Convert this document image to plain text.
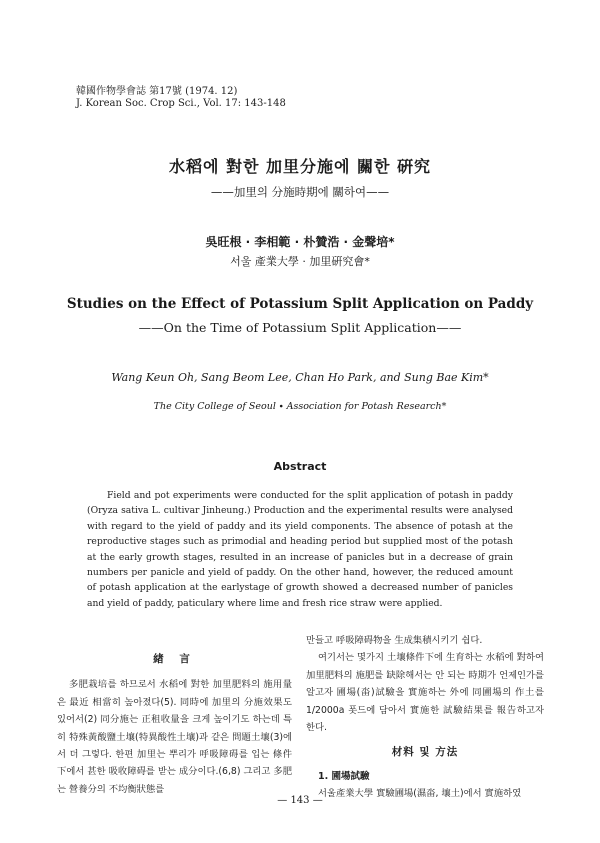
韓國作物學會誌 第17號 (1974. 12)
J. Korean Soc. Crop Sci., Vol. 17: 143-148
水稻에 對한 加里分施에 關한 硏究
——加里의 分施時期에 關하여——
吳旺根 · 李相範 · 朴贊浩 · 金聲培*
서울 產業大學 · 加里硏究會*
Studies on the Effect of Potassium Split Application on Paddy
——On the Time of Potassium Split Application——
Wang Keun Oh, Sang Beom Lee, Chan Ho Park, and Sung Bae Kim*
The City College of Seoul ∙ Association for Potash Research*
Abstract
Field and pot experiments were conducted for the split application of potash in paddy (Oryza sativa L. cultivar Jinheung.) Production and the experimental results were analysed with regard to the yield of paddy and its yield components. The absence of potash at the reproductive stages such as primodial and heading period but supplied most of the potash at the early growth stages, resulted in an increase of panicles but in a decrease of grain numbers per panicle and yield of paddy. On the other hand, however, the reduced amount of potash application at the earlystage of growth showed a decreased number of panicles and yield of paddy, paticulary where lime and fresh rice straw were applied.
緖 言
多肥栽培를 하므로서 水稻에 對한 加里肥料의 施用量은 最近 相當히 높아졌다(5). 同時에 加里의 分施效果도 있어서(2) 同分施는 正租收量을 크게 높이기도 하는데 특히 特殊黃酸鹽土壤(特異酸性土壤)과 같은 問題土壤(3)에서 더 그렇다. 한편 加里는 뿌리가 呼吸障碍를 입는 條件下에서 甚한 吸收障碍를 받는 成分이다.(6,8) 그리고 多肥는 營養分의 不均衡狀態를
만들고 呼吸障碍物을 生成集積시키기 쉽다.
여기서는 몇가지 土壤條件下에 生育하는 水稻에 對하여 加里肥料의 施肥를 缺除해서는 안 되는 時期가 언제인가를 알고자 圃場(畓)試驗을 實施하는 外에 同圃場의 作土를 1/2000a 폿드에 담아서 實施한 試驗結果를 報告하고자 한다.
材料 및 方法
1. 圃場試驗
서울產業大學 實驗圃場(濕畓, 壤土)에서 實施하였
— 143 —
